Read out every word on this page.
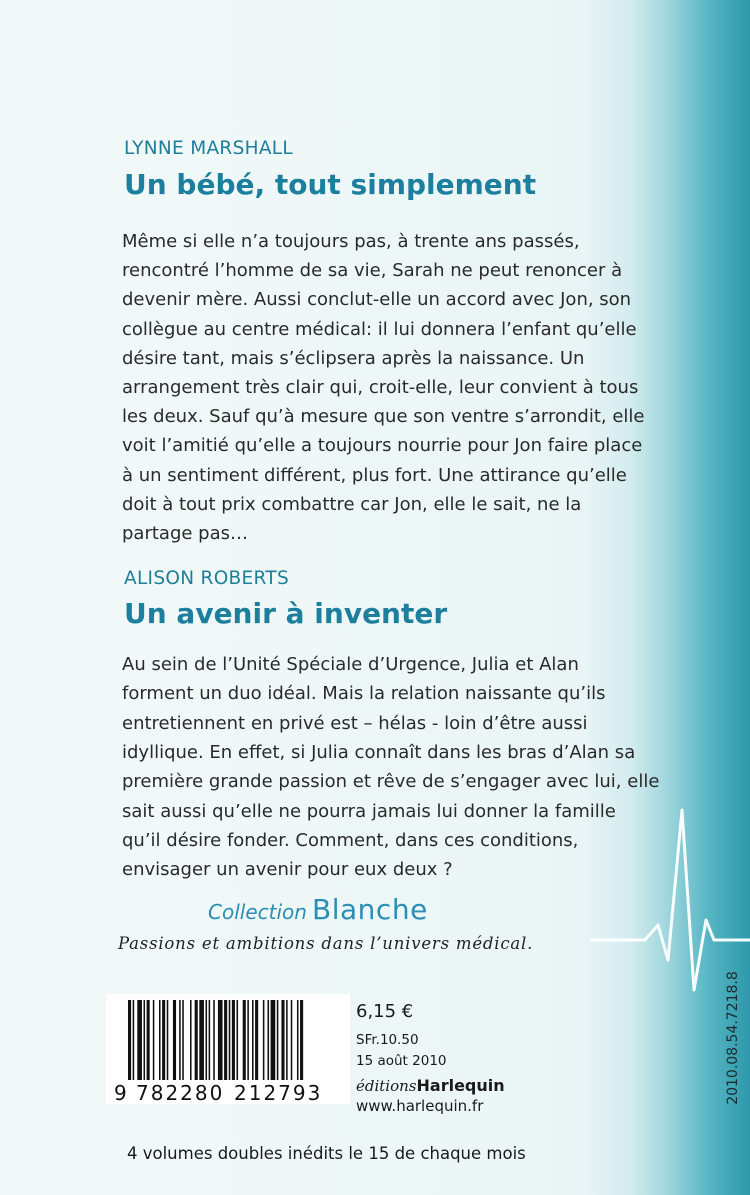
LYNNE MARSHALL
Un bébé, tout simplement
Même si elle n’a toujours pas, à trente ans passés,
rencontré l’homme de sa vie, Sarah ne peut renoncer à
devenir mère. Aussi conclut-elle un accord avec Jon, son
collègue au centre médical: il lui donnera l’enfant qu’elle
désire tant, mais s’éclipsera après la naissance. Un
arrangement très clair qui, croit-elle, leur convient à tous
les deux. Sauf qu’à mesure que son ventre s’arrondit, elle
voit l’amitié qu’elle a toujours nourrie pour Jon faire place
à un sentiment différent, plus fort. Une attirance qu’elle
doit à tout prix combattre car Jon, elle le sait, ne la
partage pas…
ALISON ROBERTS
Un avenir à inventer
Au sein de l’Unité Spéciale d’Urgence, Julia et Alan
forment un duo idéal. Mais la relation naissante qu’ils
entretiennent en privé est – hélas - loin d’être aussi
idyllique. En effet, si Julia connaît dans les bras d’Alan sa
première grande passion et rêve de s’engager avec lui, elle
sait aussi qu’elle ne pourra jamais lui donner la famille
qu’il désire fonder. Comment, dans ces conditions,
envisager un avenir pour eux deux ?
Collection Blanche
Passions et ambitions dans l’univers médical.
9 782280 212793
6,15 €
SFr.10.50
15 août 2010
éditionsHarlequin
www.harlequin.fr
2010.08.54.7218.8
4 volumes doubles inédits le 15 de chaque mois
